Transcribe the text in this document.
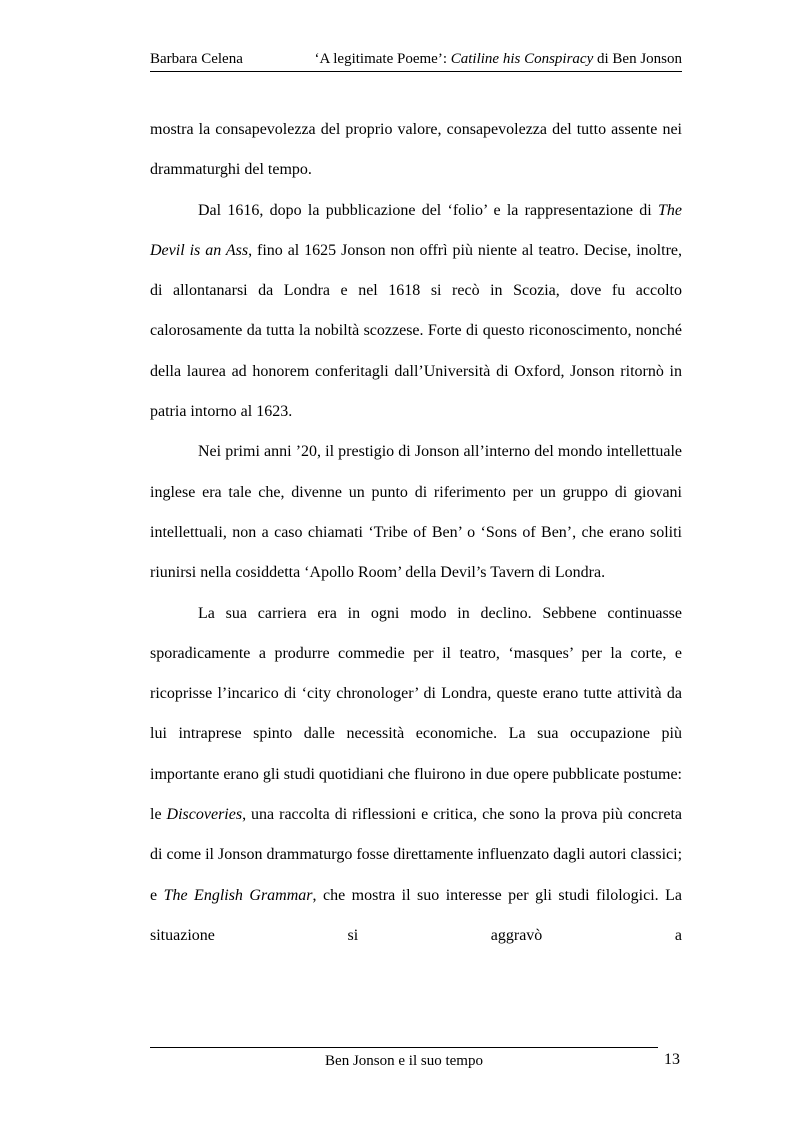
Barbara Celena	‘A legitimate Poeme’: Catiline his Conspiracy di Ben Jonson

mostra la consapevolezza del proprio valore, consapevolezza del tutto assente nei drammaturghi del tempo.

Dal 1616, dopo la pubblicazione del ‘folio’ e la rappresentazione di The Devil is an Ass, fino al 1625 Jonson non offrì più niente al teatro. Decise, inoltre, di allontanarsi da Londra e nel 1618 si recò in Scozia, dove fu accolto calorosamente da tutta la nobiltà scozzese. Forte di questo riconoscimento, nonché della laurea ad honorem conferitagli dall’Università di Oxford, Jonson ritornò in patria intorno al 1623.

Nei primi anni ’20, il prestigio di Jonson all’interno del mondo intellettuale inglese era tale che, divenne un punto di riferimento per un gruppo di giovani intellettuali, non a caso chiamati ‘Tribe of Ben’ o ‘Sons of Ben’, che erano soliti riunirsi nella cosiddetta ‘Apollo Room’ della Devil’s Tavern di Londra.

La sua carriera era in ogni modo in declino. Sebbene continuasse sporadicamente a produrre commedie per il teatro, ‘masques’ per la corte, e ricoprisse l’incarico di ‘city chronologer’ di Londra, queste erano tutte attività da lui intraprese spinto dalle necessità economiche. La sua occupazione più importante erano gli studi quotidiani che fluirono in due opere pubblicate postume: le Discoveries, una raccolta di riflessioni e critica, che sono la prova più concreta di come il Jonson drammaturgo fosse direttamente influenzato dagli autori classici; e The English Grammar, che mostra il suo interesse per gli studi filologici. La situazione si aggravò a

Ben Jonson e il suo tempo	13
